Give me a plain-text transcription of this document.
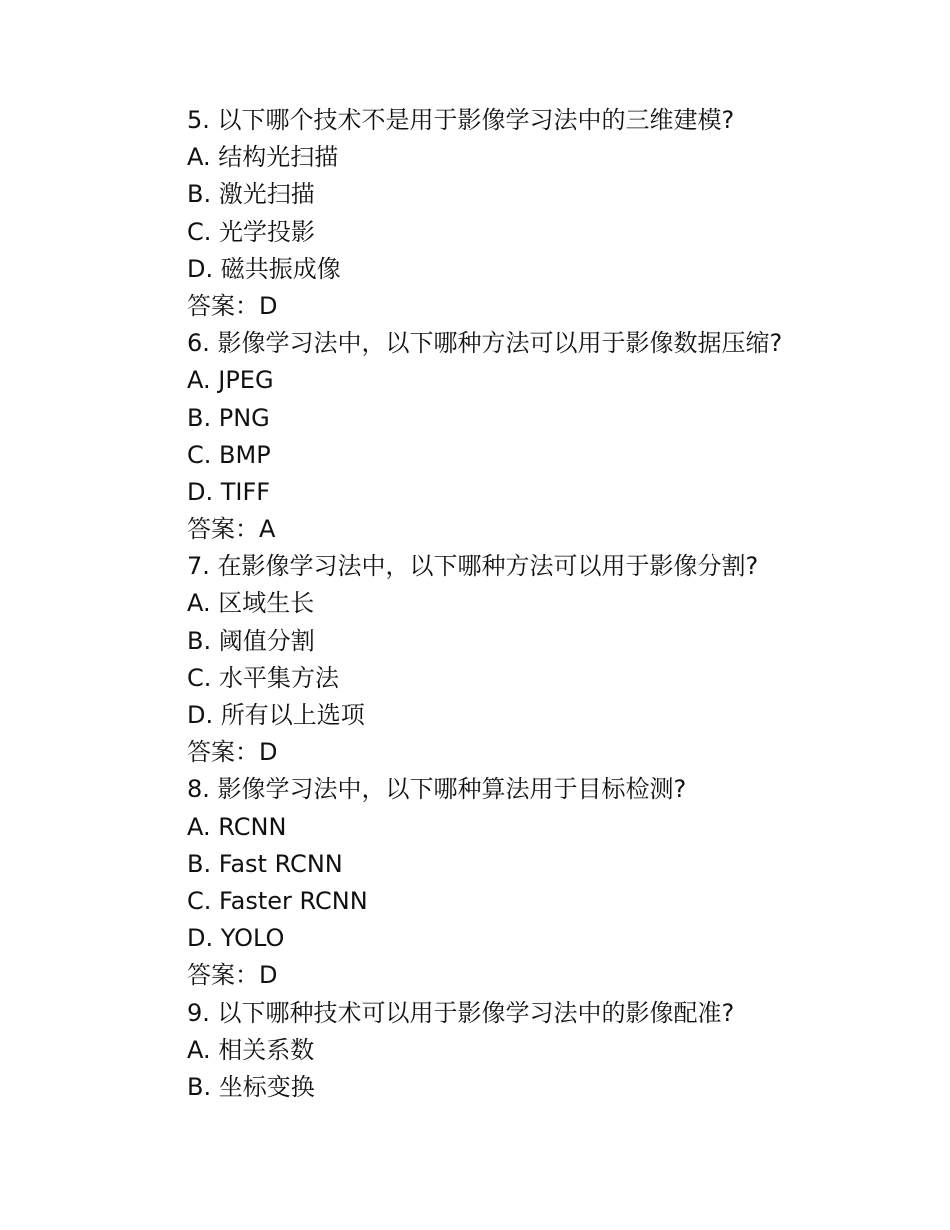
5. 以下哪个技术不是用于影像学习法中的三维建模?
A. 结构光扫描
B. 激光扫描
C. 光学投影
D. 磁共振成像
答案：D
6. 影像学习法中，以下哪种方法可以用于影像数据压缩?
A. JPEG
B. PNG
C. BMP
D. TIFF
答案：A
7. 在影像学习法中，以下哪种方法可以用于影像分割?
A. 区域生长
B. 阈值分割
C. 水平集方法
D. 所有以上选项
答案：D
8. 影像学习法中，以下哪种算法用于目标检测?
A. RCNN
B. Fast RCNN
C. Faster RCNN
D. YOLO
答案：D
9. 以下哪种技术可以用于影像学习法中的影像配准?
A. 相关系数
B. 坐标变换
